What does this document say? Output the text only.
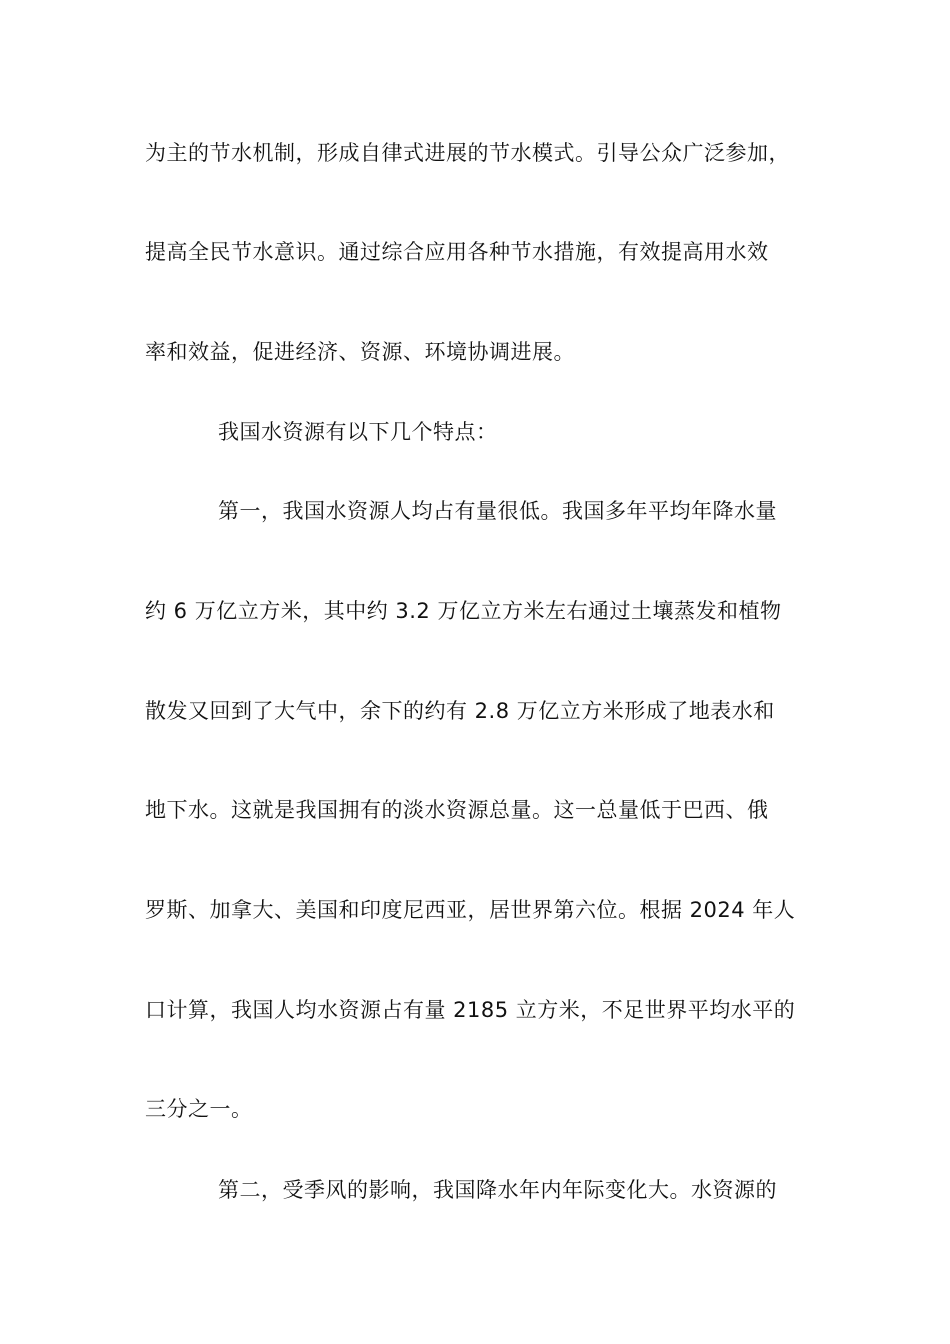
为主的节水机制，形成自律式进展的节水模式。引导公众广泛参加，
提高全民节水意识。通过综合应用各种节水措施，有效提高用水效
率和效益，促进经济、资源、环境协调进展。
我国水资源有以下几个特点：
第一，我国水资源人均占有量很低。我国多年平均年降水量
约 6 万亿立方米，其中约 3.2 万亿立方米左右通过土壤蒸发和植物
散发又回到了大气中，余下的约有 2.8 万亿立方米形成了地表水和
地下水。这就是我国拥有的淡水资源总量。这一总量低于巴西、俄
罗斯、加拿大、美国和印度尼西亚，居世界第六位。根据 2024 年人
口计算，我国人均水资源占有量 2185 立方米，不足世界平均水平的
三分之一。
第二，受季风的影响，我国降水年内年际变化大。水资源的
